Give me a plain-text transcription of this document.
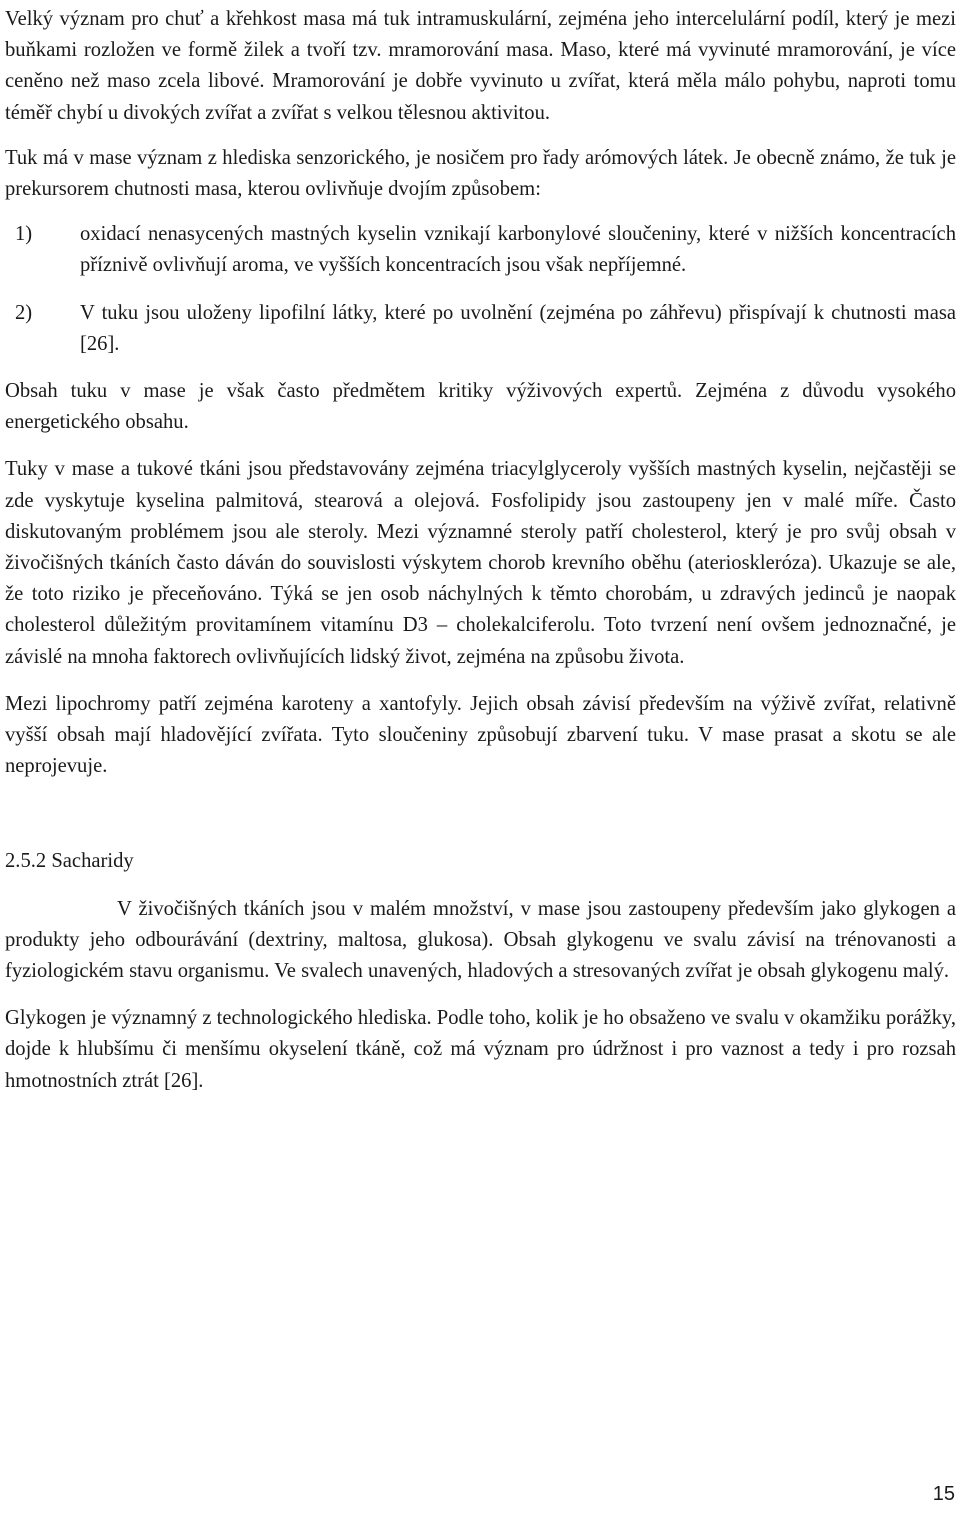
Velký význam pro chuť a křehkost masa má tuk intramuskulární, zejména jeho intercelulární podíl, který je mezi buňkami rozložen ve formě žilek a tvoří tzv. mramorování masa. Maso, které má vyvinuté mramorování, je více ceněno než maso zcela libové. Mramorování je dobře vyvinuto u zvířat, která měla málo pohybu, naproti tomu téměř chybí u divokých zvířat a zvířat s velkou tělesnou aktivitou.

Tuk má v mase význam z hlediska senzorického, je nosičem pro řady arómových látek. Je obecně známo, že tuk je prekursorem chutnosti masa, kterou ovlivňuje dvojím způsobem:

1) oxidací nenasycených mastných kyselin vznikají karbonylové sloučeniny, které v nižších koncentracích příznivě ovlivňují aroma, ve vyšších koncentracích jsou však nepříjemné.
2) V tuku jsou uloženy lipofilní látky, které po uvolnění (zejména po záhřevu) přispívají k chutnosti masa [26].

Obsah tuku v mase je však často předmětem kritiky výživových expertů. Zejména z důvodu vysokého energetického obsahu.

Tuky v mase a tukové tkáni jsou představovány zejména triacylglyceroly vyšších mastných kyselin, nejčastěji se zde vyskytuje kyselina palmitová, stearová a olejová. Fosfolipidy jsou zastoupeny jen v malé míře. Často diskutovaným problémem jsou ale steroly. Mezi významné steroly patří cholesterol, který je pro svůj obsah v živočišných tkáních často dáván do souvislosti výskytem chorob krevního oběhu (aterioskleróza). Ukazuje se ale, že toto riziko je přeceňováno. Týká se jen osob náchylných k těmto chorobám, u zdravých jedinců je naopak cholesterol důležitým provitamínem vitamínu D3 – cholekalciferolu. Toto tvrzení není ovšem jednoznačné, je závislé na mnoha faktorech ovlivňujících lidský život, zejména na způsobu života.

Mezi lipochromy patří zejména karoteny a xantofyly. Jejich obsah závisí především na výživě zvířat, relativně vyšší obsah mají hladovějící zvířata. Tyto sloučeniny způsobují zbarvení tuku. V mase prasat a skotu se ale neprojevuje.

2.5.2 Sacharidy

V živočišných tkáních jsou v malém množství, v mase jsou zastoupeny především jako glykogen a produkty jeho odbourávání (dextriny, maltosa, glukosa). Obsah glykogenu ve svalu závisí na trénovanosti a fyziologickém stavu organismu. Ve svalech unavených, hladových a stresovaných zvířat je obsah glykogenu malý.

Glykogen je významný z technologického hlediska. Podle toho, kolik je ho obsaženo ve svalu v okamžiku porážky, dojde k hlubšímu či menšímu okyselení tkáně, což má význam pro údržnost i pro vaznost a tedy i pro rozsah hmotnostních ztrát [26].

15
